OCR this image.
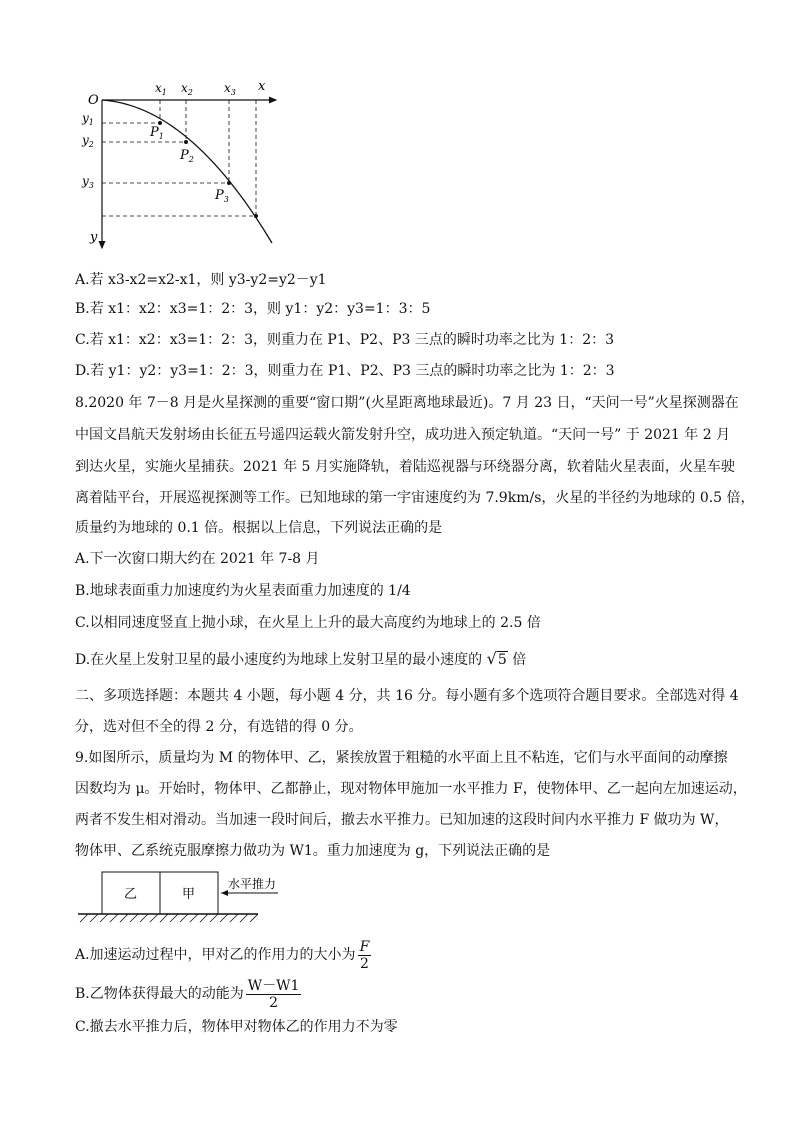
O
x
y
$x_1$ $x_2$	$x_3$
$y_1$
$y_2$
$y_3$
$P_1$
$P_2$
$P_3$
A.若 x3-x2=x2-x1，则 y3-y2=y2－y1
B.若 x1：x2：x3=1：2：3，则 y1：y2：y3=1：3：5
C.若 x1：x2：x3=1：2：3，则重力在 P1、P2、P3 三点的瞬时功率之比为 1：2：3
D.若 y1：y2：y3=1：2：3，则重力在 P1、P2、P3 三点的瞬时功率之比为 1：2：3
8.2020 年 7－8 月是火星探测的重要“窗口期”(火星距离地球最近)。7 月 23 日，“天问一号”火星探测器在
中国文昌航天发射场由长征五号遥四运载火箭发射升空，成功进入预定轨道。“天问一号” 于 2021 年 2 月
到达火星，实施火星捕获。2021 年 5 月实施降轨，着陆巡视器与环绕器分离，软着陆火星表面，火星车驶
离着陆平台，开展巡视探测等工作。已知地球的第一宇宙速度约为 7.9km/s，火星的半径约为地球的 0.5 倍，
质量约为地球的 0.1 倍。根据以上信息，下列说法正确的是
A.下一次窗口期大约在 2021 年 7-8 月
B.地球表面重力加速度约为火星表面重力加速度的 1/4
C.以相同速度竖直上抛小球，在火星上上升的最大高度约为地球上的 2.5 倍
D.在火星上发射卫星的最小速度约为地球上发射卫星的最小速度的 √5 倍
二、多项选择题：本题共 4 小题，每小题 4 分，共 16 分。每小题有多个选项符合题目要求。全部选对得 4
分，选对但不全的得 2 分，有选错的得 0 分。
9.如图所示，质量均为 M 的物体甲、乙，紧挨放置于粗糙的水平面上且不粘连，它们与水平面间的动摩擦
因数均为 μ。开始时，物体甲、乙都静止，现对物体甲施加一水平推力 F，使物体甲、乙一起向左加速运动，
两者不发生相对滑动。当加速一段时间后，撤去水平推力。已知加速的这段时间内水平推力 F 做功为 W，
物体甲、乙系统克服摩擦力做功为 W1。重力加速度为 g，下列说法正确的是
乙	甲
水平推力
A.加速运动过程中，甲对乙的作用力的大小为 $\frac{F}{2}$
B.乙物体获得最大的动能为 $\frac{W-W1}{2}$
C.撤去水平推力后，物体甲对物体乙的作用力不为零
